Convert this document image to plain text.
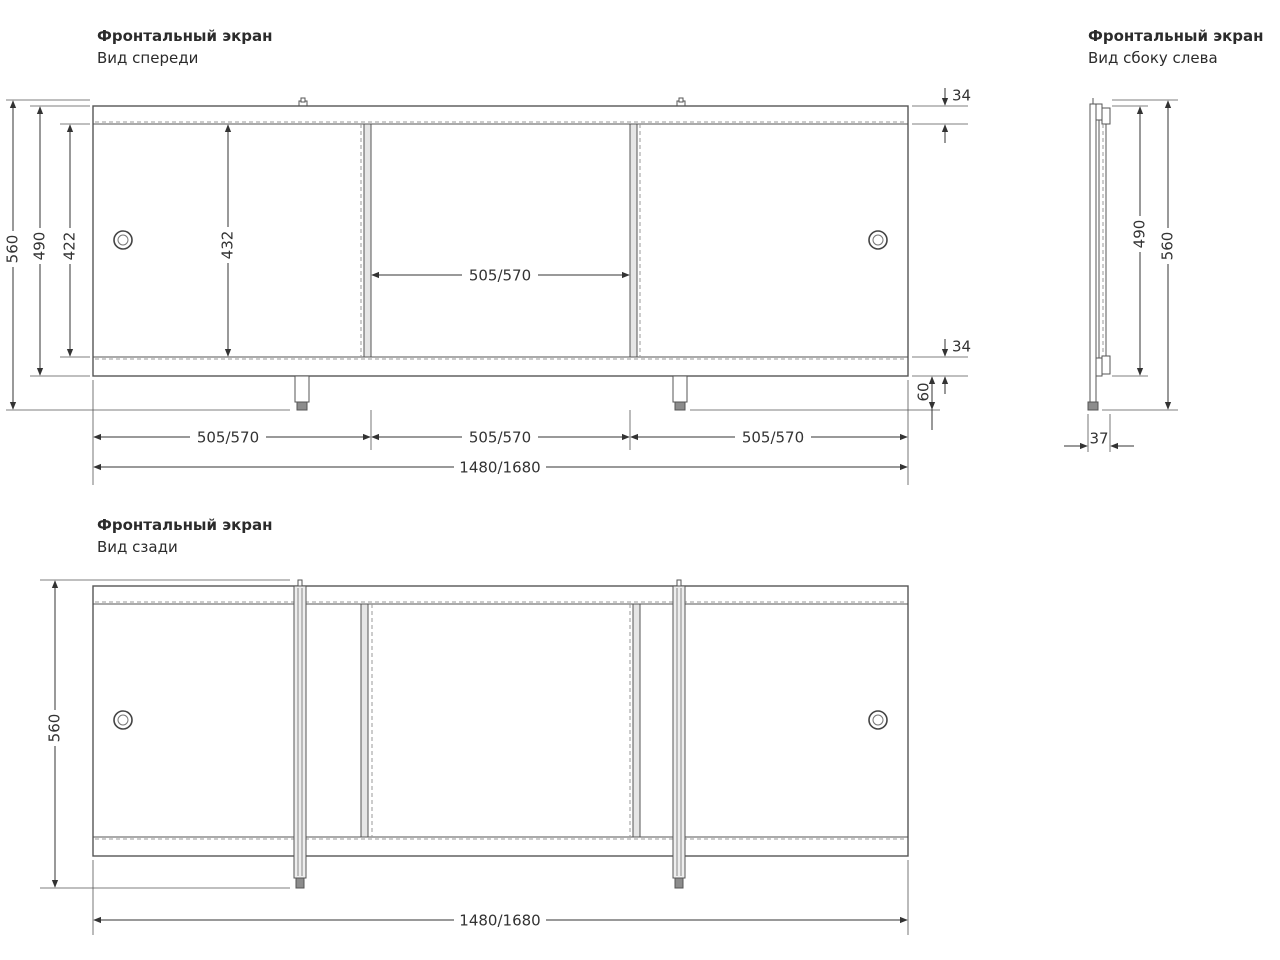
Фронтальный экран
Вид спереди
Фронтальный экран
Вид сбоку слева
Фронтальный экран
Вид сзади
560 490 422	432
505/570
34
34
60
505/570	505/570	505/570
1480/1680
490 560
37
560
1480/1680
